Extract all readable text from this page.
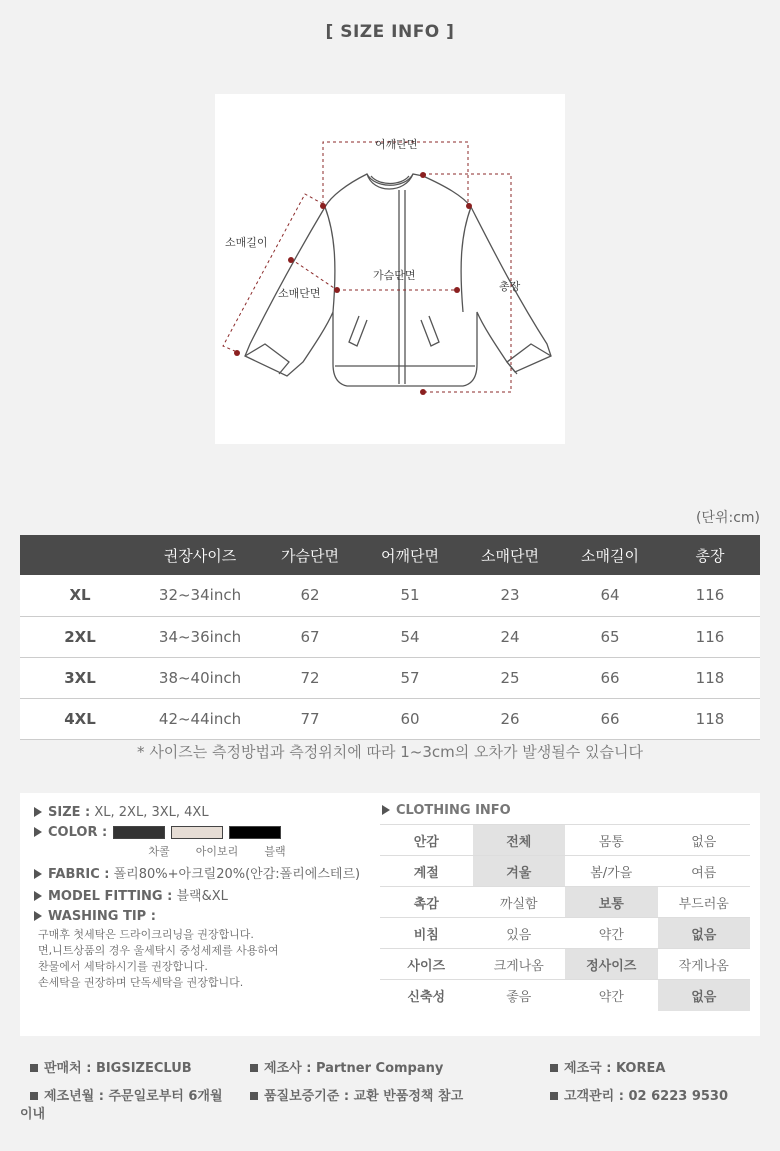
[ SIZE INFO ]
어깨단면
소매길이
소매단면
가슴단면
총장
(단위:cm)
	권장사이즈	가슴단면	어깨단면	소매단면	소매길이	총장
XL	32~34inch	62	51	23	64	116
2XL	34~36inch	67	54	24	65	116
3XL	38~40inch	72	57	25	66	118
4XL	42~44inch	77	60	26	66	118
* 사이즈는 측정방법과 측정위치에 따라 1~3cm의 오차가 발생될수 있습니다
SIZE : XL, 2XL, 3XL, 4XL
COLOR :
차콜 아이보리 블랙
FABRIC : 폴리80%+아크릴20%(안감:폴리에스테르)
MODEL FITTING : 블랙&XL
WASHING TIP :
구매후 첫세탁은 드라이크리닝을 권장합니다.
면,니트상품의 경우 울세탁시 중성세제를 사용하여
찬물에서 세탁하시기를 권장합니다.
손세탁을 권장하며 단독세탁을 권장합니다.
CLOTHING INFO
안감	전체	몸통	없음
계절	겨울	봄/가을	여름
촉감	까실함	보통	부드러움
비침	있음	약간	없음
사이즈	크게나옴	정사이즈	작게나옴
신축성	좋음	약간	없음
판매처 : BIGSIZECLUB	제조사 : Partner Company	제조국 : KOREA
제조년월 : 주문일로부터 6개월
이내
품질보증기준 : 교환 반품정책 참고	고객관리 : 02 6223 9530
